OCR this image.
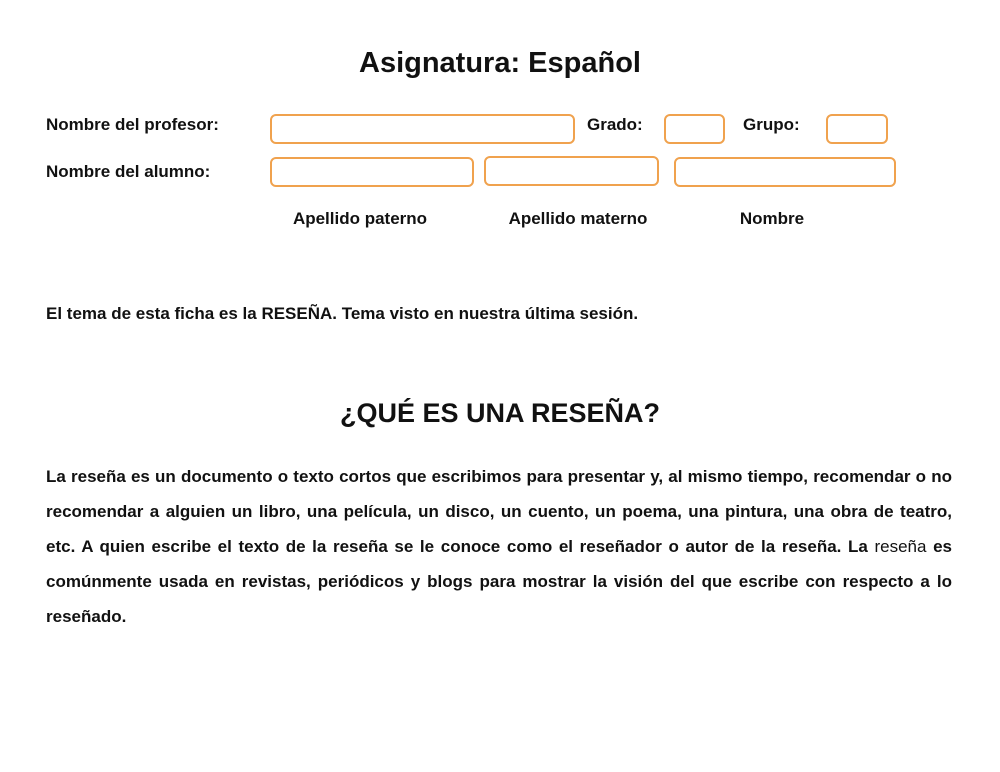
Asignatura: Español
Nombre del profesor:	Grado:	Grupo:
Nombre del alumno:
Apellido paterno	Apellido materno	Nombre
El tema de esta ficha es la RESEÑA. Tema visto en nuestra última sesión.
¿QUÉ ES UNA RESEÑA?

La reseña es un documento o texto cortos que escribimos para presentar y, al mismo tiempo, recomendar o no recomendar a alguien un libro, una película, un disco, un cuento, un poema, una pintura, una obra de teatro, etc. A quien escribe el texto de la reseña se le conoce como el reseñador o autor de la reseña. La reseña es comúnmente usada en revistas, periódicos y blogs para mostrar la visión del que escribe con respecto a lo reseñado.
